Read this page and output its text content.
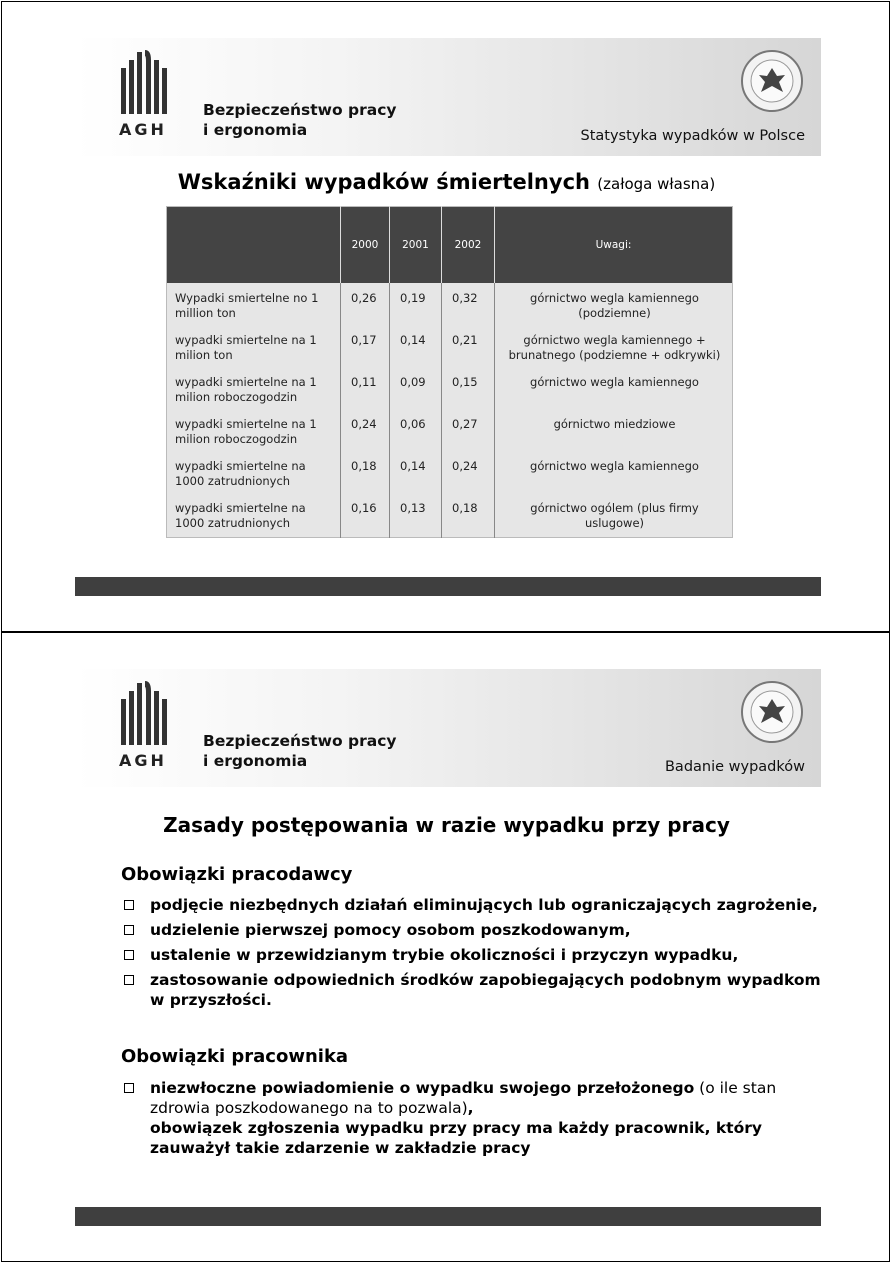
AGH
Bezpieczeństwo pracy
i ergonomia	Statystyka wypadków w Polsce
Wskaźniki wypadków śmiertelnych (załoga własna)
	2000	2001	2002	Uwagi:
Wypadki smiertelne no 1 million ton	0,26	0,19	0,32	górnictwo wegla kamiennego (podziemne)
wypadki smiertelne na 1 milion ton	0,17	0,14	0,21	górnictwo wegla kamiennego + brunatnego (podziemne + odkrywki)
wypadki smiertelne na 1 milion roboczogodzin	0,11	0,09	0,15	górnictwo wegla kamiennego
wypadki smiertelne na 1 milion roboczogodzin	0,24	0,06	0,27	górnictwo miedziowe
wypadki smiertelne na 1000 zatrudnionych	0,18	0,14	0,24	górnictwo wegla kamiennego
wypadki smiertelne na 1000 zatrudnionych	0,16	0,13	0,18	górnictwo ogólem (plus firmy uslugowe)
AGH
Bezpieczeństwo pracy
i ergonomia	Badanie wypadków
Zasady postępowania w razie wypadku przy pracy
Obowiązki pracodawcy
podjęcie niezbędnych działań eliminujących lub ograniczających zagrożenie,
udzielenie pierwszej pomocy osobom poszkodowanym,
ustalenie w przewidzianym trybie okoliczności i przyczyn wypadku,
zastosowanie odpowiednich środków zapobiegających podobnym wypadkom w przyszłości.
Obowiązki pracownika
niezwłoczne powiadomienie o wypadku swojego przełożonego (o ile stan zdrowia poszkodowanego na to pozwala),
obowiązek zgłoszenia wypadku przy pracy ma każdy pracownik, który zauważył takie zdarzenie w zakładzie pracy
